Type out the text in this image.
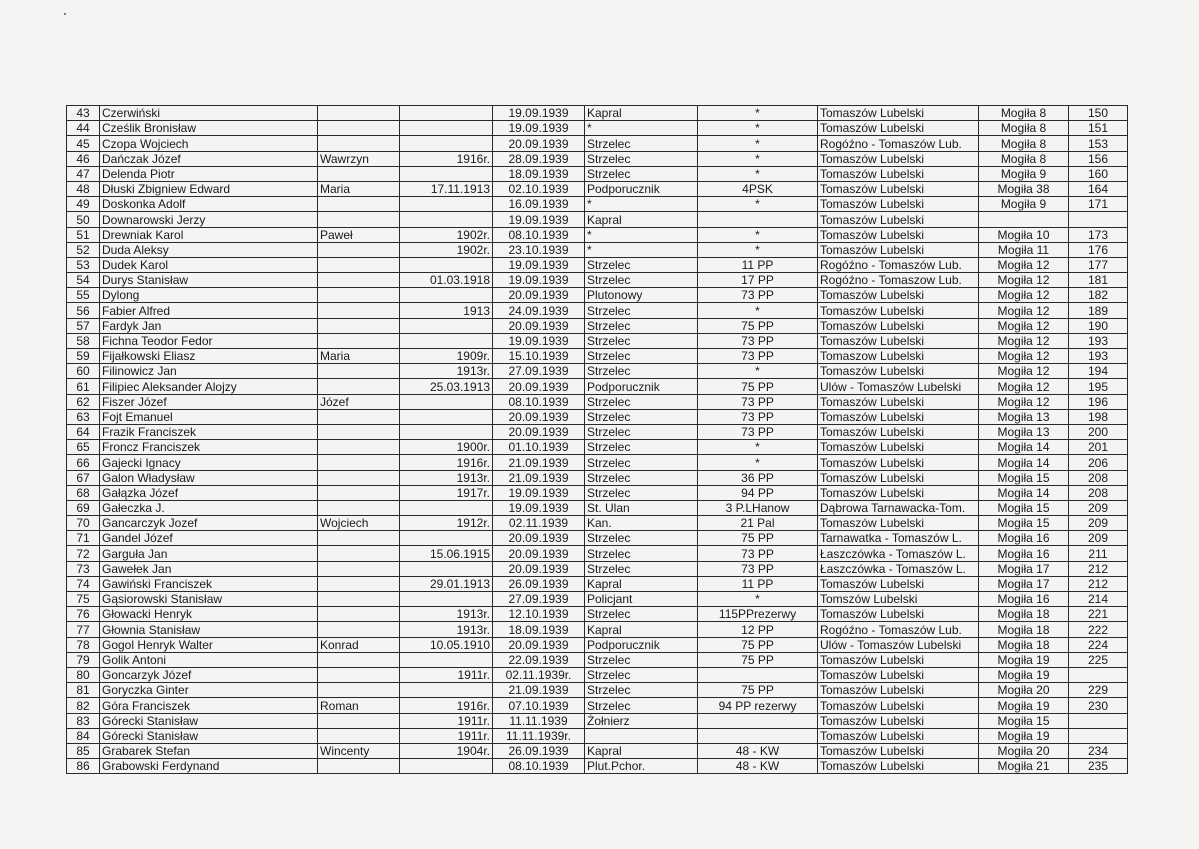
43	Czerwiński			19.09.1939	Kapral	*	Tomaszów Lubelski	Mogiła 8	150
44	Cześlik Bronisław			19.09.1939	*	*	Tomaszów Lubelski	Mogiła 8	151
45	Czopa Wojciech			20.09.1939	Strzelec	*	Rogóźno - Tomaszów Lub.	Mogiła 8	153
46	Dańczak Józef	Wawrzyn	1916r.	28.09.1939	Strzelec	*	Tomaszów Lubelski	Mogiła 8	156
47	Delenda Piotr			18.09.1939	Strzelec	*	Tomaszów Lubelski	Mogiła 9	160
48	Dłuski Zbigniew Edward	Maria	17.11.1913	02.10.1939	Podporucznik	4PSK	Tomaszów Lubelski	Mogiła 38	164
49	Doskonka Adolf			16.09.1939	*	*	Tomaszów Lubelski	Mogiła 9	171
50	Downarowski Jerzy			19.09.1939	Kapral		Tomaszów Lubelski		
51	Drewniak Karol	Paweł	1902r.	08.10.1939	*	*	Tomaszów Lubelski	Mogiła 10	173
52	Duda Aleksy		1902r.	23.10.1939	*	*	Tomaszów Lubelski	Mogiła 11	176
53	Dudek Karol			19.09.1939	Strzelec	11 PP	Rogóźno - Tomaszów Lub.	Mogiła 12	177
54	Durys Stanisław		01.03.1918	19.09.1939	Strzelec	17 PP	Rogóźno - Tomaszow Lub.	Mogiła 12	181
55	Dylong			20.09.1939	Plutonowy	73 PP	Tomaszów Lubelski	Mogiła 12	182
56	Fabier Alfred		1913	24.09.1939	Strzelec	*	Tomaszów Lubelski	Mogiła 12	189
57	Fardyk Jan			20.09.1939	Strzelec	75 PP	Tomaszów Lubelski	Mogiła 12	190
58	Fichna Teodor Fedor			19.09.1939	Strzelec	73 PP	Tomaszów Lubelski	Mogiła 12	193
59	Fijałkowski Eliasz	Maria	1909r.	15.10.1939	Strzelec	73 PP	Tomaszow Lubelski	Mogiła 12	193
60	Filinowicz Jan		1913r.	27.09.1939	Strzelec	*	Tomaszów Lubelski	Mogiła 12	194
61	Filipiec Aleksander Alojzy		25.03.1913	20.09.1939	Podporucznik	75 PP	Ulów - Tomaszów Lubelski	Mogiła 12	195
62	Fiszer Józef	Józef		08.10.1939	Strzelec	73 PP	Tomaszów Lubelski	Mogiła 12	196
63	Fojt Emanuel			20.09.1939	Strzelec	73 PP	Tomaszów Lubelski	Mogiła 13	198
64	Frazik Franciszek			20.09.1939	Strzelec	73 PP	Tomaszów Lubelski	Mogiła 13	200
65	Froncz Franciszek		1900r.	01.10.1939	Strzelec	*	Tomaszów Lubelski	Mogiła 14	201
66	Gajecki Ignacy		1916r.	21.09.1939	Strzelec	*	Tomaszów Lubelski	Mogiła 14	206
67	Galon Władysław		1913r.	21.09.1939	Strzelec	36 PP	Tomaszów Lubelski	Mogiła 15	208
68	Gałązka Józef		1917r.	19.09.1939	Strzelec	94 PP	Tomaszów Lubelski	Mogiła 14	208
69	Gałeczka J.			19.09.1939	St. Ulan	3 P.LHanow	Dąbrowa Tarnawacka-Tom.	Mogiła 15	209
70	Gancarczyk Jozef	Wojciech	1912r.	02.11.1939	Kan.	21 Pal	Tomaszów Lubelski	Mogiła 15	209
71	Gandel Józef			20.09.1939	Strzelec	75 PP	Tarnawatka - Tomaszów L.	Mogiła 16	209
72	Garguła Jan		15.06.1915	20.09.1939	Strzelec	73 PP	Łaszczówka - Tomaszów L.	Mogiła 16	211
73	Gawełek Jan			20.09.1939	Strzelec	73 PP	Łaszczówka - Tomaszów L.	Mogiła 17	212
74	Gawiński Franciszek		29.01.1913	26.09.1939	Kapral	11 PP	Tomaszów Lubelski	Mogiła 17	212
75	Gąsiorowski Stanisław			27.09.1939	Policjant	*	Tomszów Lubelski	Mogiła 16	214
76	Głowacki Henryk		1913r.	12.10.1939	Strzelec	115PPrezerwy	Tomaszów Lubelski	Mogiła 18	221
77	Głownia Stanisław		1913r.	18.09.1939	Kapral	12 PP	Rogóźno - Tomaszów Lub.	Mogiła 18	222
78	Gogol Henryk Walter	Konrad	10.05.1910	20.09.1939	Podporucznik	75 PP	Ulów - Tomaszów Lubelski	Mogiła 18	224
79	Golik Antoni			22.09.1939	Strzelec	75 PP	Tomaszów Lubelski	Mogiła 19	225
80	Goncarzyk Józef		1911r.	02.11.1939r.	Strzelec		Tomaszów Lubelski	Mogiła 19	
81	Goryczka Ginter			21.09.1939	Strzelec	75 PP	Tomaszów Lubelski	Mogiła 20	229
82	Góra Franciszek	Roman	1916r.	07.10.1939	Strzelec	94 PP rezerwy	Tomaszów Lubelski	Mogiła 19	230
83	Górecki Stanisław		1911r.	11.11.1939	Żołnierz		Tomaszów Lubelski	Mogiła 15	
84	Górecki Stanisław		1911r.	11.11.1939r.			Tomaszów Lubelski	Mogiła 19	
85	Grabarek Stefan	Wincenty	1904r.	26.09.1939	Kapral	48 - KW	Tomaszów Lubelski	Mogiła 20	234
86	Grabowski Ferdynand			08.10.1939	Plut.Pchor.	48 - KW	Tomaszów Lubelski	Mogiła 21	235
